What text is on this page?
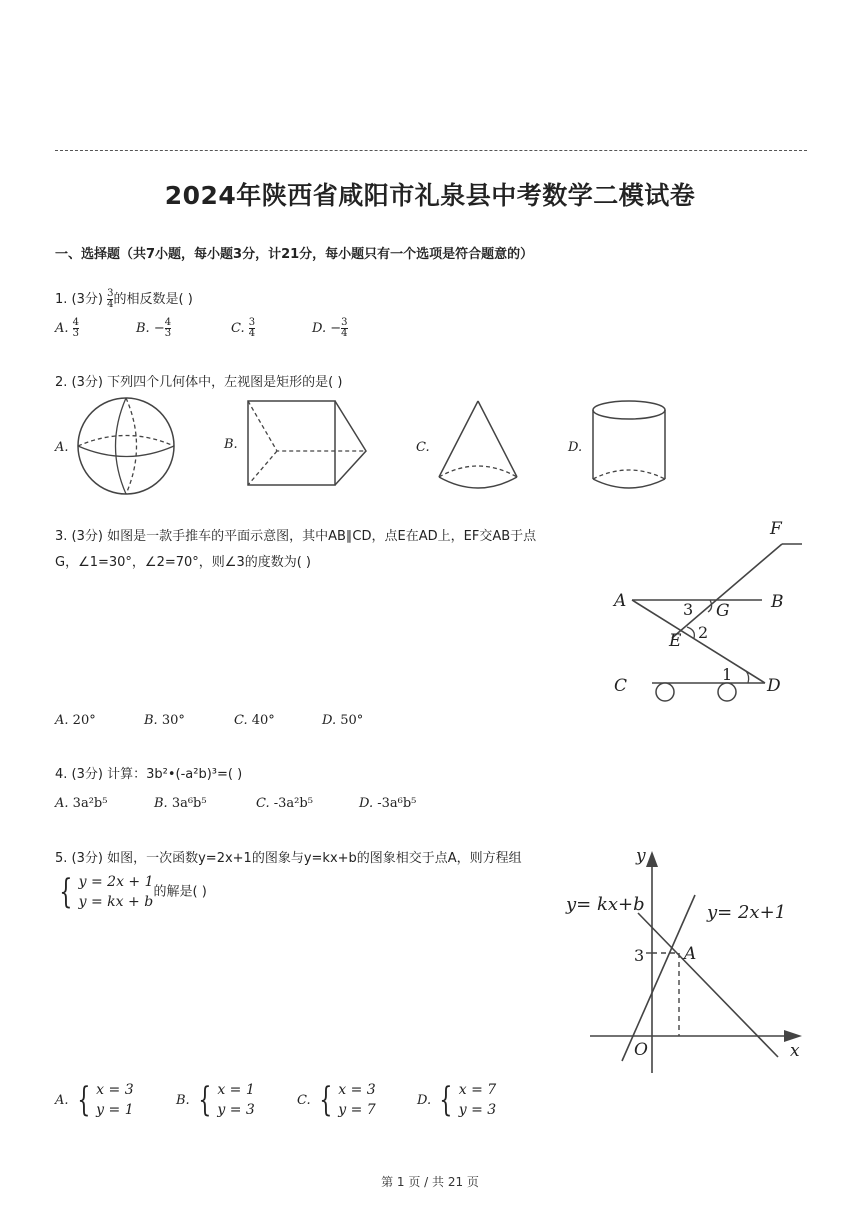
2024年陕西省咸阳市礼泉县中考数学二模试卷
一、选择题（共7小题，每小题3分，计21分，每小题只有一个选项是符合题意的）
1. (3分) $\frac{3}{4}$ 的相反数是( )
A. $\frac{4}{3}$	B. − $\frac{4}{3}$	C. $\frac{3}{4}$	D. − $\frac{3}{4}$
2. (3分) 下列四个几何体中，左视图是矩形的是( )
A.	B.	C.	D.
3. (3分) 如图是一款手推车的平面示意图，其中AB∥CD，点E在AD上，EF交AB于点
G，∠1=30°，∠2=70°，则∠3的度数为( )
F
A	B
G
E
C	D
1
2
3
A. 20°	B. 30°	C. 40°	D. 50°
4. (3分) 计算：3b²•(-a²b)³=( )
A. 3a²b⁵	B. 3a⁶b⁵	C. -3a²b⁵	D. -3a⁶b⁵
5. (3分) 如图，一次函数y=2x+1的图象与y=kx+b的图象相交于点A，则方程组
{ y = 2x + 1
y = kx + b
的解是( )
y
x
O
A
3
y= kx+b	y= 2x+1
A. { x = 3
y = 1
B. { x = 1
y = 3
C. { x = 3
y = 7
D. { x = 7
y = 3
第 1 页 / 共 21 页
